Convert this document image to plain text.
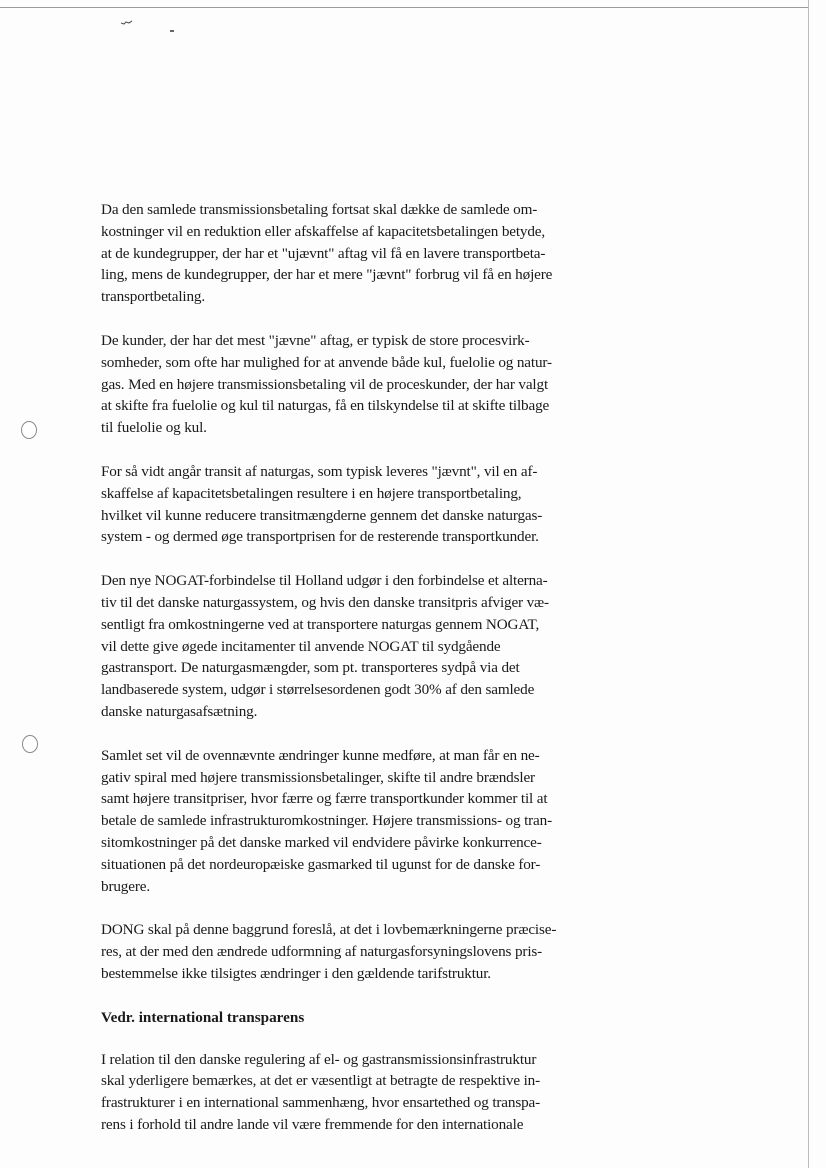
Da den samlede transmissionsbetaling fortsat skal dække de samlede om-
kostninger vil en reduktion eller afskaffelse af kapacitetsbetalingen betyde,
at de kundegrupper, der har et "ujævnt" aftag vil få en lavere transportbeta-
ling, mens de kundegrupper, der har et mere "jævnt" forbrug vil få en højere
transportbetaling.

De kunder, der har det mest "jævne" aftag, er typisk de store procesvirk-
somheder, som ofte har mulighed for at anvende både kul, fuelolie og natur-
gas. Med en højere transmissionsbetaling vil de proceskunder, der har valgt
at skifte fra fuelolie og kul til naturgas, få en tilskyndelse til at skifte tilbage
til fuelolie og kul.

For så vidt angår transit af naturgas, som typisk leveres "jævnt", vil en af-
skaffelse af kapacitetsbetalingen resultere i en højere transportbetaling,
hvilket vil kunne reducere transitmængderne gennem det danske naturgas-
system - og dermed øge transportprisen for de resterende transportkunder.

Den nye NOGAT-forbindelse til Holland udgør i den forbindelse et alterna-
tiv til det danske naturgassystem, og hvis den danske transitpris afviger væ-
sentligt fra omkostningerne ved at transportere naturgas gennem NOGAT,
vil dette give øgede incitamenter til anvende NOGAT til sydgående
gastransport. De naturgasmængder, som pt. transporteres sydpå via det
landbaserede system, udgør i størrelsesordenen godt 30% af den samlede
danske naturgasafsætning.

Samlet set vil de ovennævnte ændringer kunne medføre, at man får en ne-
gativ spiral med højere transmissionsbetalinger, skifte til andre brændsler
samt højere transitpriser, hvor færre og færre transportkunder kommer til at
betale de samlede infrastrukturomkostninger. Højere transmissions- og tran-
sitomkostninger på det danske marked vil endvidere påvirke konkurrence-
situationen på det nordeuropæiske gasmarked til ugunst for de danske for-
brugere.

DONG skal på denne baggrund foreslå, at det i lovbemærkningerne præcise-
res, at der med den ændrede udformning af naturgasforsyningslovens pris-
bestemmelse ikke tilsigtes ændringer i den gældende tarifstruktur.

Vedr. international transparens

I relation til den danske regulering af el- og gastransmissionsinfrastruktur
skal yderligere bemærkes, at det er væsentligt at betragte de respektive in-
frastrukturer i en international sammenhæng, hvor ensartethed og transpa-
rens i forhold til andre lande vil være fremmende for den internationale
